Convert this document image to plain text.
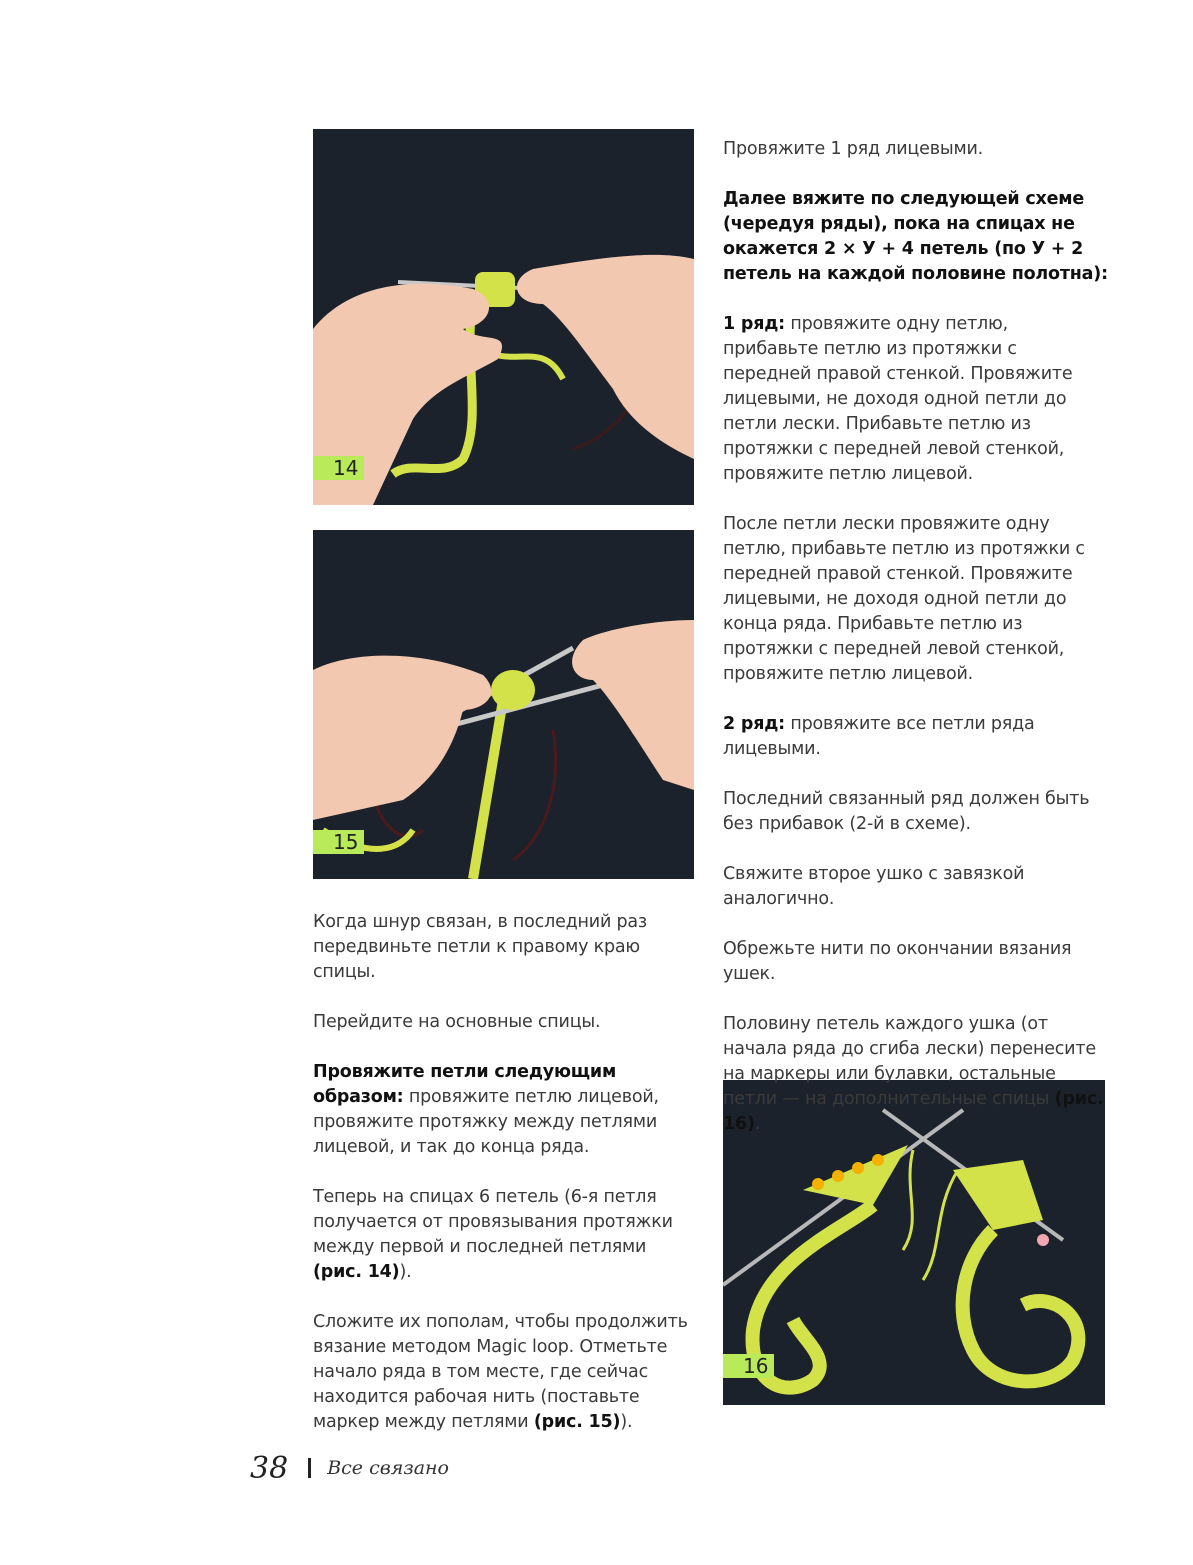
14
15
16

Когда шнур связан, в последний раз передвиньте петли к правому краю спицы.

Перейдите на основные спицы.

Провяжите петли следующим образом: провяжите петлю лицевой, провяжите протяжку между петлями лицевой, и так до конца ряда.

Теперь на спицах 6 петель (6-я петля получается от провязывания протяжки между первой и последней петлями (рис. 14)).

Сложите их пополам, чтобы продолжить вязание методом Magic loop. Отметьте начало ряда в том месте, где сейчас находится рабочая нить (поставьте маркер между петлями (рис. 15)).

Провяжите 1 ряд лицевыми.

Далее вяжите по следующей схеме (чередуя ряды), пока на спицах не окажется 2 × У + 4 петель (по У + 2 петель на каждой половине полотна):

1 ряд: провяжите одну петлю, прибавьте петлю из протяжки с передней правой стенкой. Провяжите лицевыми, не доходя одной петли до петли лески. Прибавьте петлю из протяжки с передней левой стенкой, провяжите петлю лицевой.

После петли лески провяжите одну петлю, прибавьте петлю из протяжки с передней правой стенкой. Провяжите лицевыми, не доходя одной петли до конца ряда. Прибавьте петлю из протяжки с передней левой стенкой, провяжите петлю лицевой.

2 ряд: провяжите все петли ряда лицевыми.

Последний связанный ряд должен быть без прибавок (2-й в схеме).

Свяжите второе ушко с завязкой аналогично.

Обрежьте нити по окончании вязания ушек.

Половину петель каждого ушка (от начала ряда до сгиба лески) перенесите на маркеры или булавки, остальные петли — на дополнительные спицы (рис. 16).

38 Все связано
